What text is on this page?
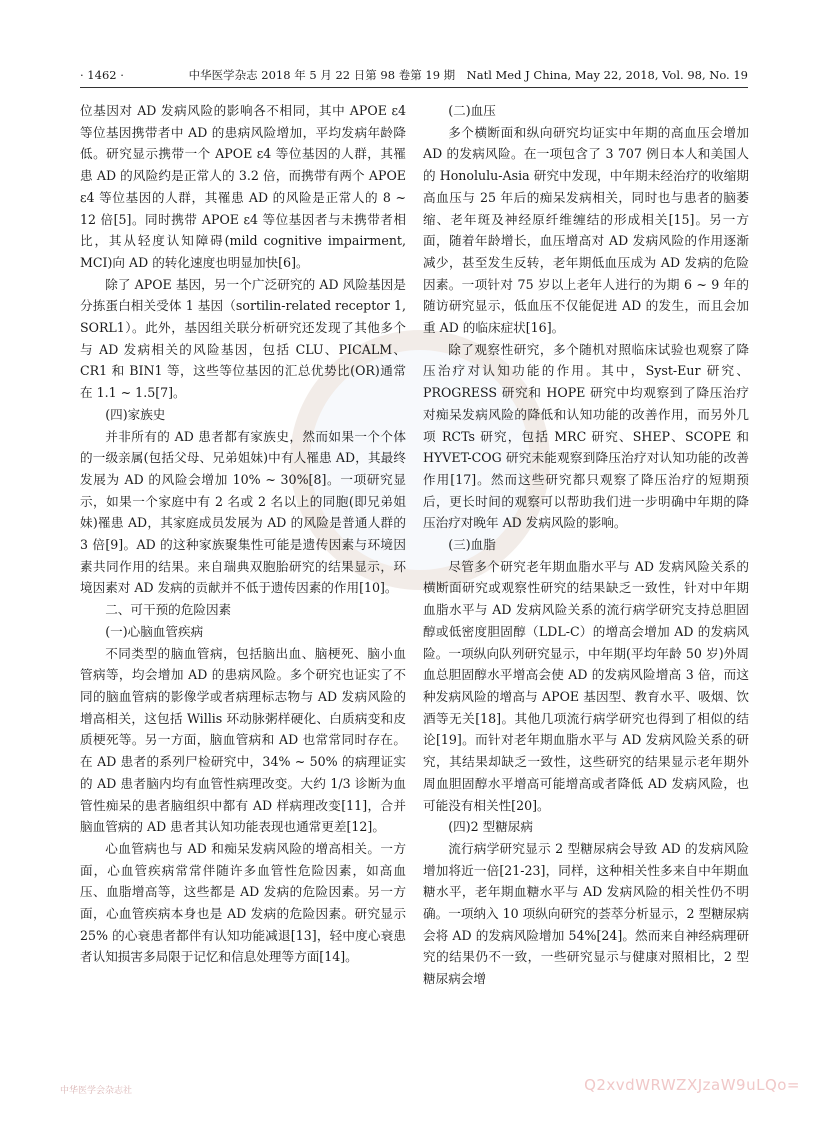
· 1462 ·	中华医学杂志 2018 年 5 月 22 日第 98 卷第 19 期　Natl Med J China, May 22, 2018, Vol. 98, No. 19

位基因对 AD 发病风险的影响各不相同，其中 APOE ε4 等位基因携带者中 AD 的患病风险增加，平均发病年龄降低。研究显示携带一个 APOE ε4 等位基因的人群，其罹患 AD 的风险约是正常人的 3.2 倍，而携带有两个 APOE ε4 等位基因的人群，其罹患 AD 的风险是正常人的 8 ~ 12 倍[5]。同时携带 APOE ε4 等位基因者与未携带者相比，其从轻度认知障碍(mild cognitive impairment, MCI)向 AD 的转化速度也明显加快[6]。

除了 APOE 基因，另一个广泛研究的 AD 风险基因是分拣蛋白相关受体 1 基因（sortilin-related receptor 1, SORL1）。此外，基因组关联分析研究还发现了其他多个与 AD 发病相关的风险基因，包括 CLU、PICALM、CR1 和 BIN1 等，这些等位基因的汇总优势比(OR)通常在 1.1 ~ 1.5[7]。

(四)家族史

并非所有的 AD 患者都有家族史，然而如果一个个体的一级亲属(包括父母、兄弟姐妹)中有人罹患 AD，其最终发展为 AD 的风险会增加 10% ~ 30%[8]。一项研究显示，如果一个家庭中有 2 名或 2 名以上的同胞(即兄弟姐妹)罹患 AD，其家庭成员发展为 AD 的风险是普通人群的 3 倍[9]。AD 的这种家族聚集性可能是遗传因素与环境因素共同作用的结果。来自瑞典双胞胎研究的结果显示，环境因素对 AD 发病的贡献并不低于遗传因素的作用[10]。

二、可干预的危险因素

(一)心脑血管疾病

不同类型的脑血管病，包括脑出血、脑梗死、脑小血管病等，均会增加 AD 的患病风险。多个研究也证实了不同的脑血管病的影像学或者病理标志物与 AD 发病风险的增高相关，这包括 Willis 环动脉粥样硬化、白质病变和皮质梗死等。另一方面，脑血管病和 AD 也常常同时存在。在 AD 患者的系列尸检研究中，34% ~ 50% 的病理证实的 AD 患者脑内均有血管性病理改变。大约 1/3 诊断为血管性痴呆的患者脑组织中都有 AD 样病理改变[11]，合并脑血管病的 AD 患者其认知功能表现也通常更差[12]。

心血管病也与 AD 和痴呆发病风险的增高相关。一方面，心血管疾病常常伴随许多血管性危险因素，如高血压、血脂增高等，这些都是 AD 发病的危险因素。另一方面，心血管疾病本身也是 AD 发病的危险因素。研究显示 25% 的心衰患者都伴有认知功能减退[13]，轻中度心衰患者认知损害多局限于记忆和信息处理等方面[14]。

(二)血压

多个横断面和纵向研究均证实中年期的高血压会增加 AD 的发病风险。在一项包含了 3 707 例日本人和美国人的 Honolulu-Asia 研究中发现，中年期未经治疗的收缩期高血压与 25 年后的痴呆发病相关，同时也与患者的脑萎缩、老年斑及神经原纤维缠结的形成相关[15]。另一方面，随着年龄增长，血压增高对 AD 发病风险的作用逐渐减少，甚至发生反转，老年期低血压成为 AD 发病的危险因素。一项针对 75 岁以上老年人进行的为期 6 ~ 9 年的随访研究显示，低血压不仅能促进 AD 的发生，而且会加重 AD 的临床症状[16]。

除了观察性研究，多个随机对照临床试验也观察了降压治疗对认知功能的作用。其中，Syst-Eur 研究、PROGRESS 研究和 HOPE 研究中均观察到了降压治疗对痴呆发病风险的降低和认知功能的改善作用，而另外几项 RCTs 研究，包括 MRC 研究、SHEP、SCOPE 和 HYVET-COG 研究未能观察到降压治疗对认知功能的改善作用[17]。然而这些研究都只观察了降压治疗的短期预后，更长时间的观察可以帮助我们进一步明确中年期的降压治疗对晚年 AD 发病风险的影响。

(三)血脂

尽管多个研究老年期血脂水平与 AD 发病风险关系的横断面研究或观察性研究的结果缺乏一致性，针对中年期血脂水平与 AD 发病风险关系的流行病学研究支持总胆固醇或低密度胆固醇（LDL-C）的增高会增加 AD 的发病风险。一项纵向队列研究显示，中年期(平均年龄 50 岁)外周血总胆固醇水平增高会使 AD 的发病风险增高 3 倍，而这种发病风险的增高与 APOE 基因型、教育水平、吸烟、饮酒等无关[18]。其他几项流行病学研究也得到了相似的结论[19]。而针对老年期血脂水平与 AD 发病风险关系的研究，其结果却缺乏一致性，这些研究的结果显示老年期外周血胆固醇水平增高可能增高或者降低 AD 发病风险，也可能没有相关性[20]。

(四)2 型糖尿病

流行病学研究显示 2 型糖尿病会导致 AD 的发病风险增加将近一倍[21-23]，同样，这种相关性多来自中年期血糖水平，老年期血糖水平与 AD 发病风险的相关性仍不明确。一项纳入 10 项纵向研究的荟萃分析显示，2 型糖尿病会将 AD 的发病风险增加 54%[24]。然而来自神经病理研究的结果仍不一致，一些研究显示与健康对照相比，2 型糖尿病会增

中华医学会杂志社	Q2xvdWRWZXJzaW9uLQo=
